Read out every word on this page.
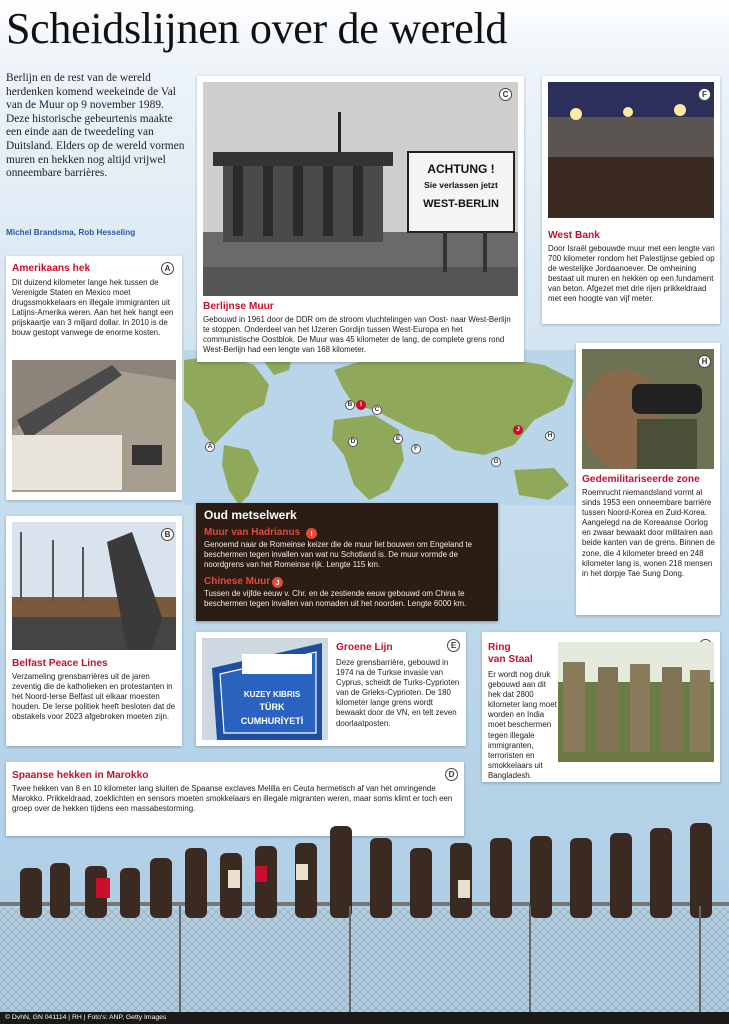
Scheidslijnen over de wereld
Berlijn en de rest van de wereld herdenken komend weekeinde de Val van de Muur op 9 november 1989. Deze historische gebeurtenis maakte een einde aan de tweedeling van Duitsland. Elders op de wereld vormen muren en hekken nog altijd vrijwel onneembare barrières.
Michel Brandsma, Rob Hesseling
A
B	I
C
D	E
F
J
G
H
ACHTUNG !
Sie verlassen jetzt
WEST-BERLIN
C
Berlijnse Muur
Gebouwd in 1961 door de DDR om de stroom vluchtelingen van Oost- naar West-Berlijn te stoppen. Onderdeel van het IJzeren Gordijn tussen West-Europa en het communistische Oostblok. De Muur was 45 kilometer de lang, de complete grens rond West-Berlijn had een lengte van 168 kilometer.
F
West Bank
Door Israël gebouwde muur met een lengte van 700 kilometer rondom het Palestijnse gebied op de westelijke Jordaanoever. De omheining bestaat uit muren en hekken op een fundament van beton. Afgezet met drie rijen prikkeldraad met een hoogte van vijf meter.
Amerikaans hek	A
Dit duizend kilometer lange hek tussen de Verenigde Staten en Mexico moet drugssmokkelaars en illegale immigranten uit Latijns-Amerika weren. Aan het hek hangt een prijskaartje van 3 miljard dollar. In 2010 is de bouw gestopt vanwege de enorme kosten.
H
Gedemilitariseerde zone
Roemrucht niemandsland vormt al sinds 1953 een onneembare barrière tussen Noord-Korea en Zuid-Korea. Aangelegd na de Koreaanse Oorlog en zwaar bewaakt door militairen aan beide kanten van de grens. Binnen de zone, die 4 kilometer breed en 248 kilometer lang is, wonen 218 mensen in het dorpje Tae Sung Dong.
B
Belfast Peace Lines
Verzameling grensbarrières uit de jaren zeventig die de katholieken en protestanten in het Noord-Ierse Belfast uit elkaar moesten houden. De Ierse politiek heeft besloten dat de obstakels voor 2023 afgebroken moeten zijn.
Oud metselwerk
Muur van Hadrianus	I
Genoemd naar de Romeinse keizer die de muur liet bouwen om Engeland te beschermen tegen invallen van wat nu Schotland is. De muur vormde de noordgrens van het Romeinse rijk. Lengte 115 km.
Chinese Muur J
Tussen de vijfde eeuw v. Chr. en de zestiende eeuw gebouwd om China te beschermen tegen invallen van nomaden uit het noorden. Lengte 6000 km.
KUZEY KIBRIS
TÜRK
CUMHURİYETİ
Groene Lijn	E
Deze grensbarrière, gebouwd in 1974 na de Turkse invasie van Cyprus, scheidt de Turks-Cyprioten van de Grieks-Cyprioten. De 180 kilometer lange grens wordt bewaakt door de VN, en telt zeven doorlaatposten.
Ring
van Staal
Er wordt nog druk gebouwd aan dit hek dat 2800 kilometer lang moet worden en India moet beschermen tegen illegale immigranten, terroristen en smokkelaars uit Bangladesh.
Spaanse hekken in Marokko	D
Twee hekken van 8 en 10 kilometer lang sluiten de Spaanse exclaves Melilla en Ceuta hermetisch af van het omringende Marokko. Prikkeldraad, zoeklichten en sensors moeten smokkelaars en illegale migranten weren, maar soms klimt er toch een groep over de hekken tijdens een massabestorming.
© DvhN, GN 041114 | RH | Foto's: ANP, Getty Images
